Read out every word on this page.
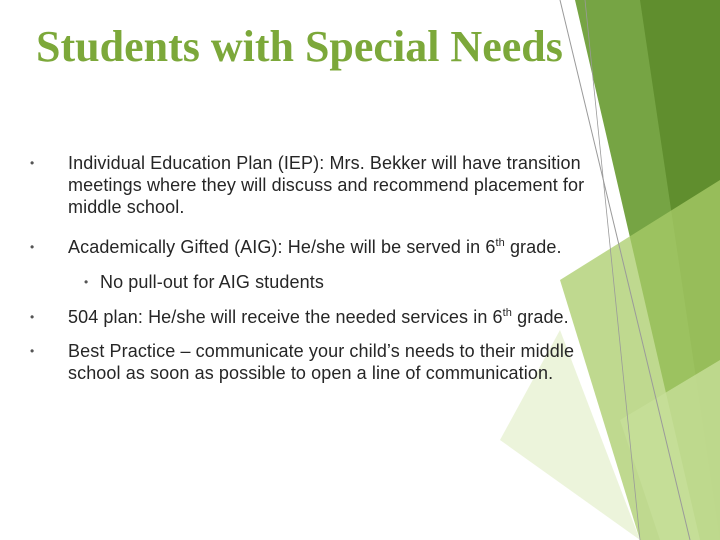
Students with Special Needs
• Individual Education Plan (IEP): Mrs. Bekker will have transition
meetings where they will discuss and recommend placement for
middle school.
• Academically Gifted (AIG): He/she will be served in 6th grade.
• No pull-out for AIG students
• 504 plan: He/she will receive the needed services in 6th grade.
• Best Practice – communicate your child’s needs to their middle
school as soon as possible to open a line of communication.
